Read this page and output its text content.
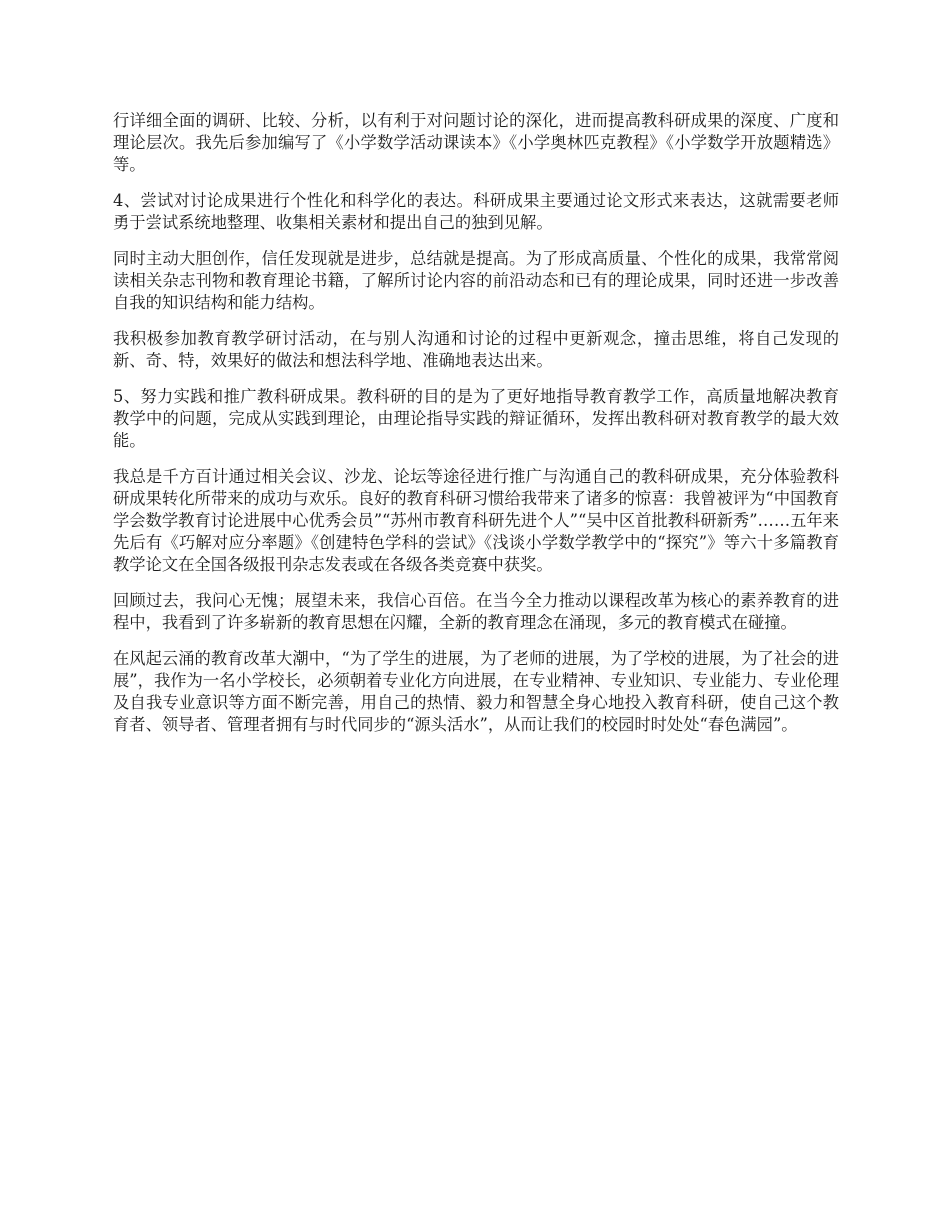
行详细全面的调研、比较、分析，以有利于对问题讨论的深化，进而提高教科研成果的深度、广度和理论层次。我先后参加编写了《小学数学活动课读本》《小学奥林匹克教程》《小学数学开放题精选》等。

4、尝试对讨论成果进行个性化和科学化的表达。科研成果主要通过论文形式来表达，这就需要老师勇于尝试系统地整理、收集相关素材和提出自己的独到见解。

同时主动大胆创作，信任发现就是进步，总结就是提高。为了形成高质量、个性化的成果，我常常阅读相关杂志刊物和教育理论书籍，了解所讨论内容的前沿动态和已有的理论成果，同时还进一步改善自我的知识结构和能力结构。

我积极参加教育教学研讨活动，在与别人沟通和讨论的过程中更新观念，撞击思维，将自己发现的新、奇、特，效果好的做法和想法科学地、准确地表达出来。

5、努力实践和推广教科研成果。教科研的目的是为了更好地指导教育教学工作，高质量地解决教育教学中的问题，完成从实践到理论，由理论指导实践的辩证循环，发挥出教科研对教育教学的最大效能。

我总是千方百计通过相关会议、沙龙、论坛等途径进行推广与沟通自己的教科研成果，充分体验教科研成果转化所带来的成功与欢乐。良好的教育科研习惯给我带来了诸多的惊喜：我曾被评为“中国教育学会数学教育讨论进展中心优秀会员”“苏州市教育科研先进个人”“吴中区首批教科研新秀”……五年来先后有《巧解对应分率题》《创建特色学科的尝试》《浅谈小学数学教学中的“探究”》等六十多篇教育教学论文在全国各级报刊杂志发表或在各级各类竞赛中获奖。

回顾过去，我问心无愧；展望未来，我信心百倍。在当今全力推动以课程改革为核心的素养教育的进程中，我看到了许多崭新的教育思想在闪耀，全新的教育理念在涌现，多元的教育模式在碰撞。

在风起云涌的教育改革大潮中，“为了学生的进展，为了老师的进展，为了学校的进展，为了社会的进展”，我作为一名小学校长，必须朝着专业化方向进展，在专业精神、专业知识、专业能力、专业伦理及自我专业意识等方面不断完善，用自己的热情、毅力和智慧全身心地投入教育科研，使自己这个教育者、领导者、管理者拥有与时代同步的“源头活水”，从而让我们的校园时时处处“春色满园”。
